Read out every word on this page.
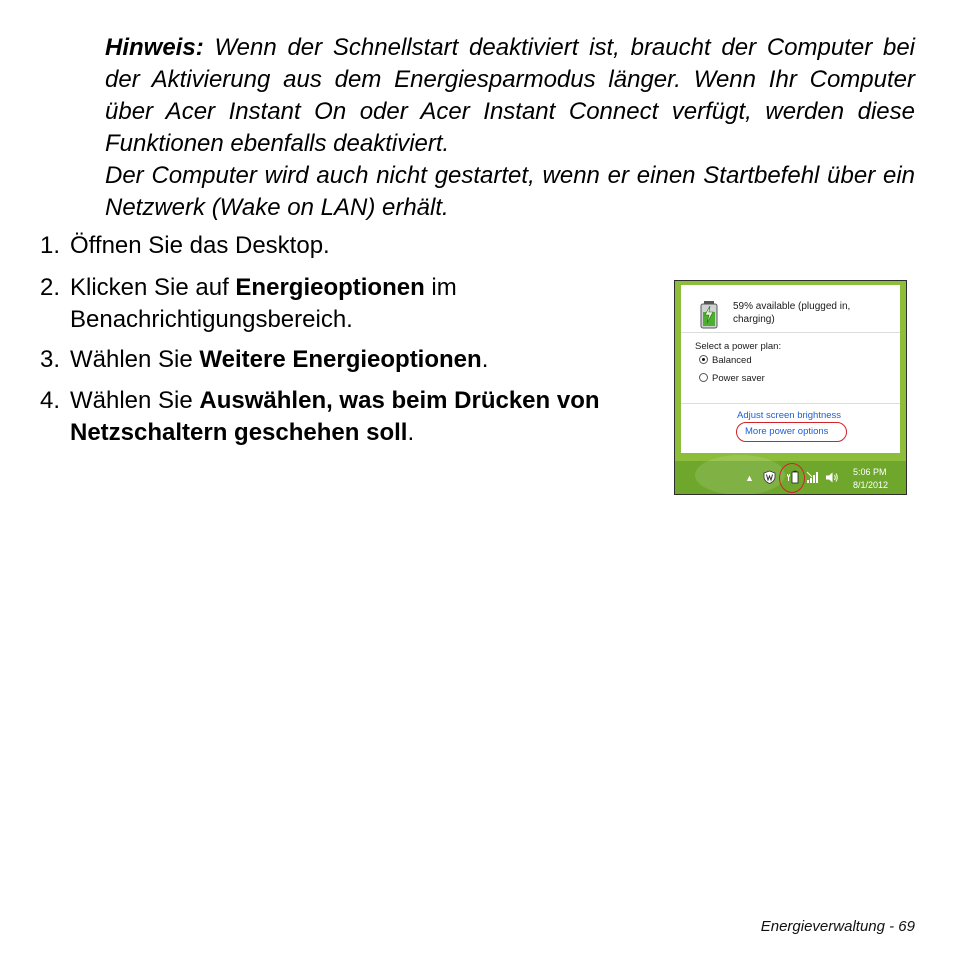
Hinweis: Wenn der Schnellstart deaktiviert ist, braucht der Computer bei der Aktivierung aus dem Energiesparmodus länger. Wenn Ihr Computer über Acer Instant On oder Acer Instant Connect verfügt, werden diese Funktionen ebenfalls deaktiviert.

Der Computer wird auch nicht gestartet, wenn er einen Startbefehl über ein Netzwerk (Wake on LAN) erhält.

1. Öffnen Sie das Desktop.
2. Klicken Sie auf Energieoptionen im Benachrichtigungsbereich.
3. Wählen Sie Weitere Energieoptionen.
4. Wählen Sie Auswählen, was beim Drücken von Netzschaltern geschehen soll.
59% available (plugged in, charging)
Select a power plan:
Balanced
Power saver
Adjust screen brightness
More power options
▲
5:06 PM
8/1/2012
Energieverwaltung - 69
